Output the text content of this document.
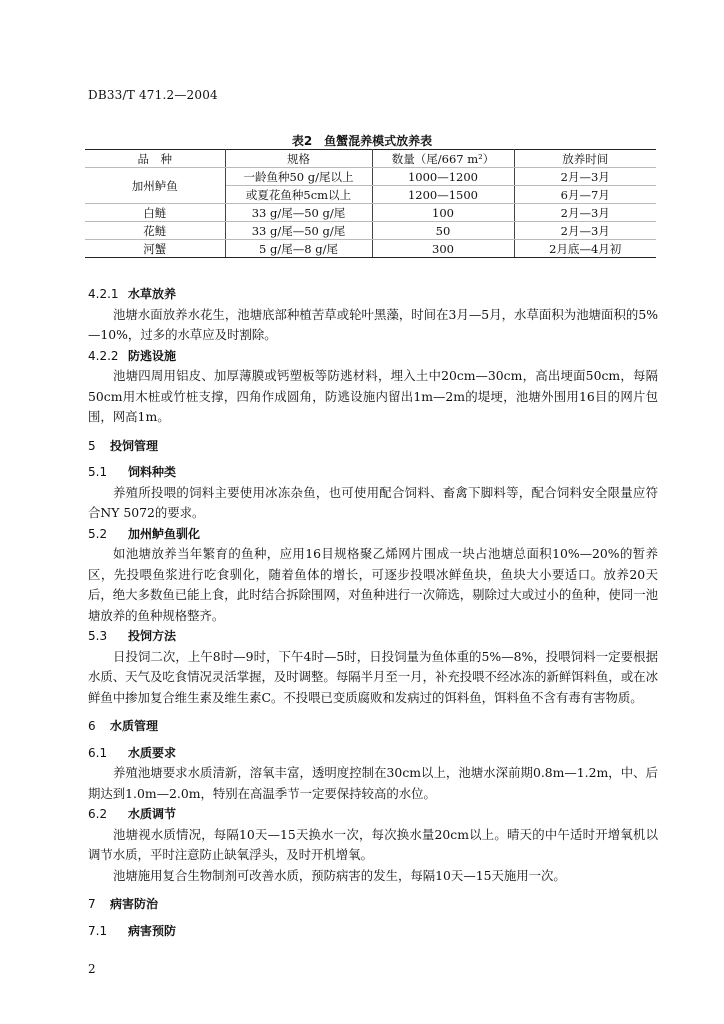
DB33/T 471.2—2004
表2　鱼蟹混养模式放养表
品　种	规格	数量（尾/667 m²）	放养时间
加州鲈鱼	一龄鱼种50 g/尾以上	1000—1200	2月—3月
	或夏花鱼种5cm以上	1200—1500	6月—7月
白鲢	33 g/尾—50 g/尾	100	2月—3月
花鲢	33 g/尾—50 g/尾	50	2月—3月
河蟹	5 g/尾—8 g/尾	300	2月底—4月初
4.2.1 水草放养
池塘水面放养水花生，池塘底部种植苦草或轮叶黑藻，时间在3月—5月，水草面积为池塘面积的5%—10%，过多的水草应及时割除。
4.2.2 防逃设施
池塘四周用铝皮、加厚薄膜或钙塑板等防逃材料，埋入土中20cm—30cm，高出埂面50cm，每隔50cm用木桩或竹桩支撑，四角作成圆角，防逃设施内留出1m—2m的堤埂，池塘外围用16目的网片包围，网高1m。
5 投饲管理
5.1 饲料种类
养殖所投喂的饲料主要使用冰冻杂鱼，也可使用配合饲料、畜禽下脚料等，配合饲料安全限量应符合NY 5072的要求。
5.2 加州鲈鱼驯化
如池塘放养当年繁育的鱼种，应用16目规格聚乙烯网片围成一块占池塘总面积10%—20%的暂养区，先投喂鱼浆进行吃食驯化，随着鱼体的增长，可逐步投喂冰鲜鱼块，鱼块大小要适口。放养20天后，绝大多数鱼已能上食，此时结合拆除围网，对鱼种进行一次筛选，剔除过大或过小的鱼种，使同一池塘放养的鱼种规格整齐。
5.3 投饲方法
日投饲二次，上午8时—9时，下午4时—5时，日投饲量为鱼体重的5%—8%，投喂饲料一定要根据水质、天气及吃食情况灵活掌握，及时调整。每隔半月至一月，补充投喂不经冰冻的新鲜饵料鱼，或在冰鲜鱼中掺加复合维生素及维生素C。不投喂已变质腐败和发病过的饵料鱼，饵料鱼不含有毒有害物质。
6 水质管理
6.1 水质要求
养殖池塘要求水质清新，溶氧丰富，透明度控制在30cm以上，池塘水深前期0.8m—1.2m，中、后期达到1.0m—2.0m，特别在高温季节一定要保持较高的水位。
6.2 水质调节
池塘视水质情况，每隔10天—15天换水一次，每次换水量20cm以上。晴天的中午适时开增氧机以调节水质，平时注意防止缺氧浮头，及时开机增氧。
池塘施用复合生物制剂可改善水质，预防病害的发生，每隔10天—15天施用一次。
7 病害防治
7.1 病害预防
2
